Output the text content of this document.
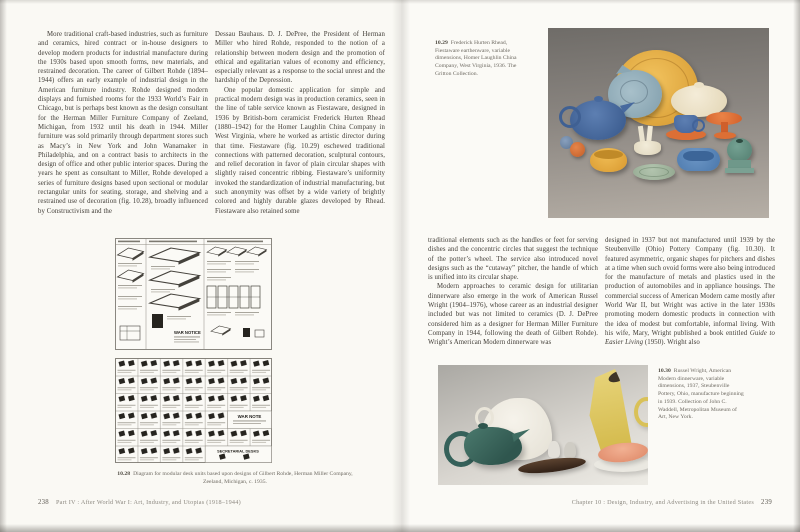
More traditional craft-based industries, such as furniture and ceramics, hired contract or in-house designers to develop modern products for industrial manufacture during the 1930s based upon smooth forms, new materials, and restrained decoration. The career of Gilbert Rohde (1894–1944) offers an early example of industrial design in the American furniture industry. Rohde designed modern displays and furnished rooms for the 1933 World’s Fair in Chicago, but is perhaps best known as the design consultant for the Herman Miller Furniture Company of Zeeland, Michigan, from 1932 until his death in 1944. Miller furniture was sold primarily through department stores such as Macy’s in New York and John Wanamaker in Philadelphia, and on a contract basis to architects in the design of office and other public interior spaces. During the years he spent as consultant to Miller, Rohde developed a series of furniture designs based upon sectional or modular rectangular units for seating, storage, and shelving and a restrained use of decoration (fig. 10.28), broadly influenced by Constructivism and the

Dessau Bauhaus. D. J. DePree, the President of Herman Miller who hired Rohde, responded to the notion of a relationship between modern design and the promotion of ethical and egalitarian values of economy and efficiency, especially relevant as a response to the social unrest and the hardship of the Depression.

One popular domestic application for simple and practical modern design was in production ceramics, seen in the line of table service known as Fiestaware, designed in 1936 by British-born ceramicist Frederick Hurten Rhead (1880–1942) for the Homer Laughlin China Company in West Virginia, where he worked as artistic director during that time. Fiestaware (fig. 10.29) eschewed traditional connections with patterned decoration, sculptural contours, and relief decoration in favor of plain circular shapes with slightly raised concentric ribbing. Fiestaware’s uniformity invoked the standardization of industrial manufacturing, but such anonymity was offset by a wide variety of brightly colored and highly durable glazes developed by Rhead. Fiestaware also retained some

WAR NOTICE
WAR NOTE
SECRETARIAL DESKS
10.28 Diagram for modular desk units based upon designs of Gilbert Rohde, Herman Miller Company, Zeeland, Michigan, c. 1935.
238 Part IV : After World War I: Art, Industry, and Utopias (1918–1944)
10.29 Frederick Hurten Rhead, Fiestaware earthenware, variable dimensions, Homer Laughlin China Company, West Virginia, 1936. The Gritton Collection.

traditional elements such as the handles or feet for serving dishes and the concentric circles that suggest the technique of the potter’s wheel. The service also introduced novel designs such as the “cutaway” pitcher, the handle of which is unified into its circular shape.

Modern approaches to ceramic design for utilitarian dinnerware also emerge in the work of American Russel Wright (1904–1976), whose career as an industrial designer included but was not limited to ceramics (D. J. DePree considered him as a designer for Herman Miller Furniture Company in 1944, following the death of Gilbert Rohde). Wright’s American Modern dinnerware was

designed in 1937 but not manufactured until 1939 by the Steubenville (Ohio) Pottery Company (fig. 10.30). It featured asymmetric, organic shapes for pitchers and dishes at a time when such ovoid forms were also being introduced for the manufacture of metals and plastics used in the production of automobiles and in appliance housings. The commercial success of American Modern came mostly after World War II, but Wright was active in the later 1930s promoting modern domestic products in connection with the idea of modest but comfortable, informal living. With his wife, Mary, Wright published a book entitled Guide to Easier Living (1950). Wright also

10.30 Russel Wright, American Modern dinnerware, variable dimensions, 1937, Steubenville Pottery, Ohio, manufacture beginning in 1939. Collection of John C. Waddell, Metropolitan Museum of Art, New York.
Chapter 10 : Design, Industry, and Advertising in the United States 239
